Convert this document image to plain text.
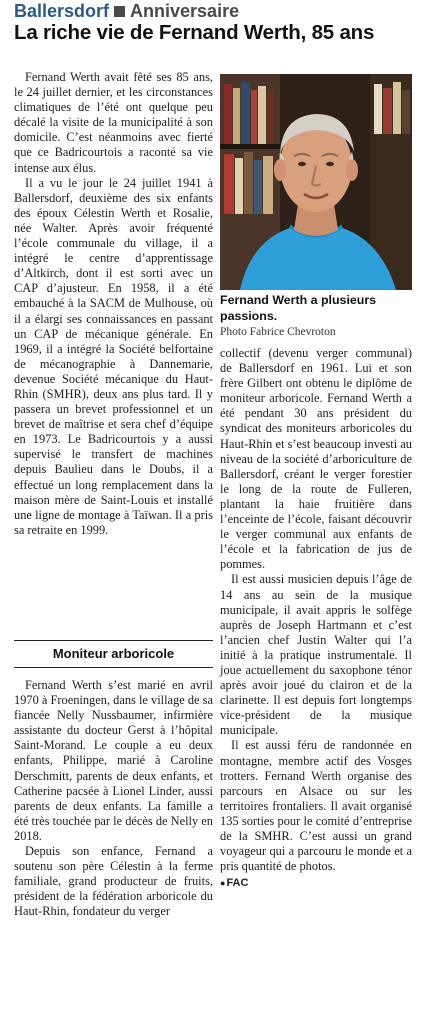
Ballersdorf Anniversaire
La riche vie de Fernand Werth, 85 ans

Fernand Werth avait fêté ses 85 ans, le 24 juillet dernier, et les circonstances climatiques de l’été ont quelque peu décalé la visite de la municipalité à son domicile. C’est néanmoins avec fierté que ce Badricourtois a raconté sa vie intense aux élus.

Il a vu le jour le 24 juillet 1941 à Ballersdorf, deuxième des six enfants des époux Célestin Werth et Rosalie, née Walter. Après avoir fréquenté l’école communale du village, il a intégré le centre d’apprentissage d’Altkirch, dont il est sorti avec un CAP d’ajusteur. En 1958, il a été embauché à la SACM de Mulhouse, où il a élargi ses connaissances en passant un CAP de mécanique générale. En 1969, il a intégré la Société belfortaine de mécanographie à Dannemarie, devenue Société mécanique du Haut-Rhin (SMHR), deux ans plus tard. Il y passera un brevet professionnel et un brevet de maîtrise et sera chef d’équipe en 1973. Le Badricourtois y a aussi supervisé le transfert de machines depuis Baulieu dans le Doubs, il a effectué un long remplacement dans la maison mère de Saint-Louis et installé une ligne de montage à Taïwan. Il a pris sa retraite en 1999.

Fernand Werth a plusieurs passions.
Photo Fabrice Chevroton
Moniteur arboricole

Fernand Werth s’est marié en avril 1970 à Froeningen, dans le village de sa fiancée Nelly Nussbaumer, infirmière assistante du docteur Gerst à l’hôpital Saint-Morand. Le couple a eu deux enfants, Philippe, marié à Caroline Derschmitt, parents de deux enfants, et Catherine pacsée à Lionel Linder, aussi parents de deux enfants. La famille a été très touchée par le décès de Nelly en 2018.

Depuis son enfance, Fernand a soutenu son père Célestin à la ferme familiale, grand producteur de fruits, président de la fédération arboricole du Haut-Rhin, fondateur du verger

collectif (devenu verger communal) de Ballersdorf en 1961. Lui et son frère Gilbert ont obtenu le diplôme de moniteur arboricole. Fernand Werth a été pendant 30 ans président du syndicat des moniteurs arboricoles du Haut-Rhin et s’est beaucoup investi au niveau de la société d’arboriculture de Ballersdorf, créant le verger forestier le long de la route de Fulleren, plantant la haie fruitière dans l’enceinte de l’école, faisant découvrir le verger communal aux enfants de l’école et la fabrication de jus de pommes.

Il est aussi musicien depuis l’âge de 14 ans au sein de la musique municipale, il avait appris le solfège auprès de Joseph Hartmann et c’est l’ancien chef Justin Walter qui l’a initié à la pratique instrumentale. Il joue actuellement du saxophone ténor après avoir joué du clairon et de la clarinette. Il est depuis fort longtemps vice-président de la musique municipale.

Il est aussi féru de randonnée en montagne, membre actif des Vosges trotters. Fernand Werth organise des parcours en Alsace ou sur les territoires frontaliers. Il avait organisé 135 sorties pour le comité d’entreprise de la SMHR. C’est aussi un grand voyageur qui a parcouru le monde et a pris quantité de photos.

●FAC
